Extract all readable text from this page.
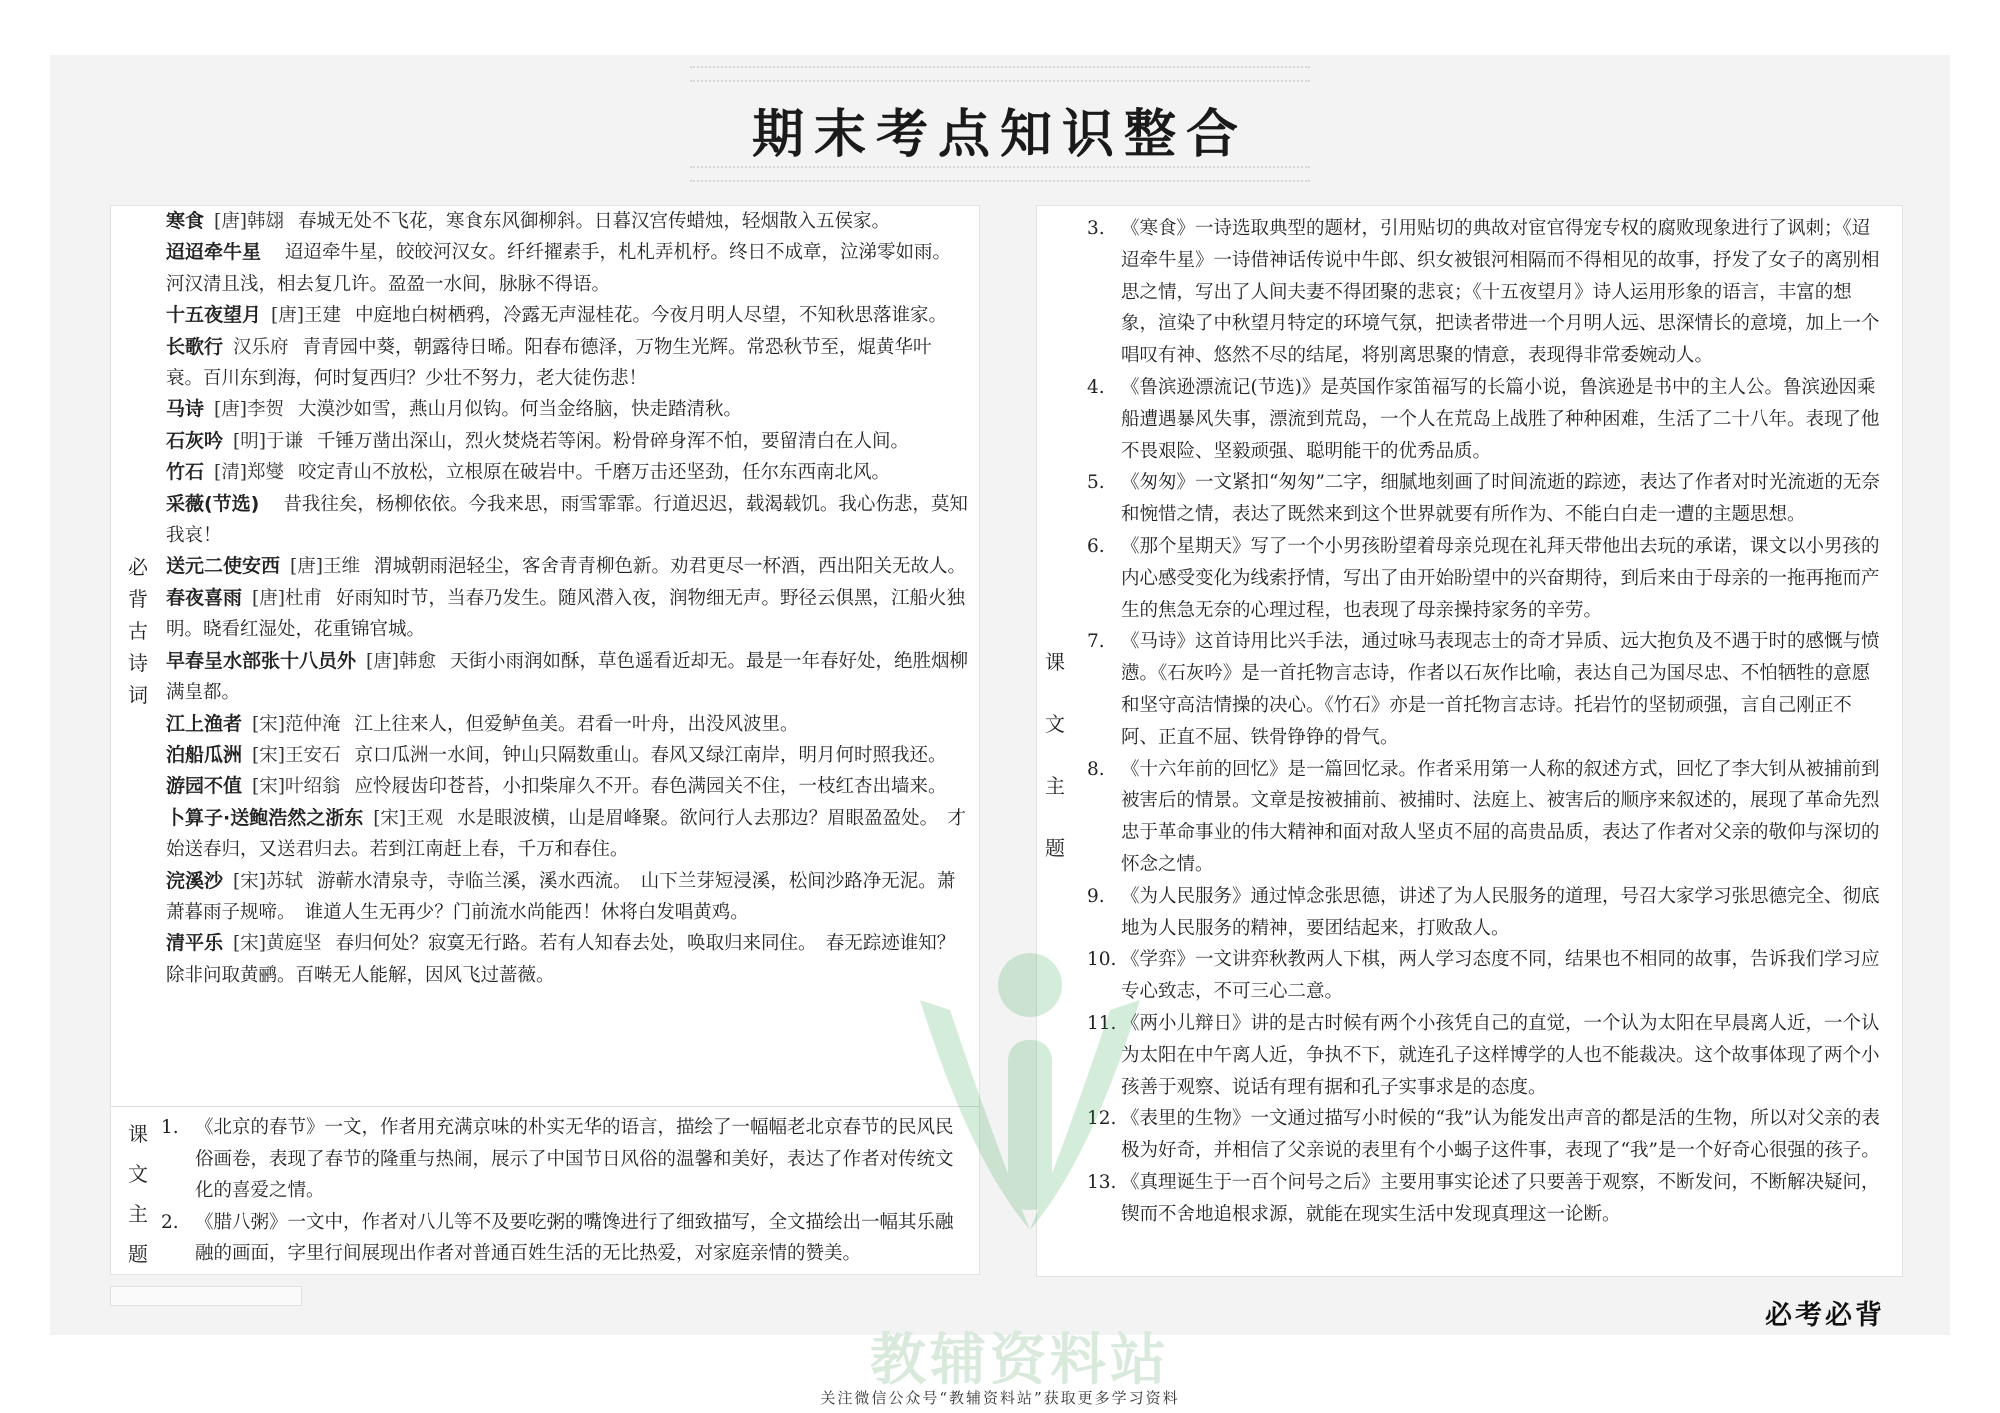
期末考点知识整合
必
背
古
诗
词

寒食 [唐]韩翃 春城无处不飞花，寒食东风御柳斜。日暮汉宫传蜡烛，轻烟散入五侯家。

迢迢牵牛星 迢迢牵牛星，皎皎河汉女。纤纤擢素手，札札弄机杼。终日不成章，泣涕零如雨。河汉清且浅，相去复几许。盈盈一水间，脉脉不得语。

十五夜望月 [唐]王建 中庭地白树栖鸦，冷露无声湿桂花。今夜月明人尽望，不知秋思落谁家。

长歌行 汉乐府 青青园中葵，朝露待日晞。阳春布德泽，万物生光辉。常恐秋节至，焜黄华叶衰。百川东到海，何时复西归？少壮不努力，老大徒伤悲！

马诗 [唐]李贺 大漠沙如雪，燕山月似钩。何当金络脑，快走踏清秋。

石灰吟 [明]于谦 千锤万凿出深山，烈火焚烧若等闲。粉骨碎身浑不怕，要留清白在人间。

竹石 [清]郑燮 咬定青山不放松，立根原在破岩中。千磨万击还坚劲，任尔东西南北风。

采薇(节选) 昔我往矣，杨柳依依。今我来思，雨雪霏霏。行道迟迟，载渴载饥。我心伤悲，莫知我哀！

送元二使安西 [唐]王维 渭城朝雨浥轻尘，客舍青青柳色新。劝君更尽一杯酒，西出阳关无故人。

春夜喜雨 [唐]杜甫 好雨知时节，当春乃发生。随风潜入夜，润物细无声。野径云俱黑，江船火独明。晓看红湿处，花重锦官城。

早春呈水部张十八员外 [唐]韩愈 天街小雨润如酥，草色遥看近却无。最是一年春好处，绝胜烟柳满皇都。

江上渔者 [宋]范仲淹 江上往来人，但爱鲈鱼美。君看一叶舟，出没风波里。

泊船瓜洲 [宋]王安石 京口瓜洲一水间，钟山只隔数重山。春风又绿江南岸，明月何时照我还。

游园不值 [宋]叶绍翁 应怜屐齿印苍苔，小扣柴扉久不开。春色满园关不住，一枝红杏出墙来。

卜算子·送鲍浩然之浙东 [宋]王观 水是眼波横，山是眉峰聚。欲问行人去那边？眉眼盈盈处。　才始送春归，又送君归去。若到江南赶上春，千万和春住。

浣溪沙 [宋]苏轼 游蕲水清泉寺，寺临兰溪，溪水西流。　山下兰芽短浸溪，松间沙路净无泥。萧萧暮雨子规啼。　谁道人生无再少？门前流水尚能西！休将白发唱黄鸡。

清平乐 [宋]黄庭坚 春归何处？寂寞无行路。若有人知春去处，唤取归来同住。　春无踪迹谁知？除非问取黄鹂。百啭无人能解，因风飞过蔷薇。

课
文
主
题

1. 《北京的春节》一文，作者用充满京味的朴实无华的语言，描绘了一幅幅老北京春节的民风民俗画卷，表现了春节的隆重与热闹，展示了中国节日风俗的温馨和美好，表达了作者对传统文化的喜爱之情。

2. 《腊八粥》一文中，作者对八儿等不及要吃粥的嘴馋进行了细致描写，全文描绘出一幅其乐融融的画面，字里行间展现出作者对普通百姓生活的无比热爱，对家庭亲情的赞美。

课
文
主
题

3. 《寒食》一诗选取典型的题材，引用贴切的典故对宦官得宠专权的腐败现象进行了讽刺；《迢迢牵牛星》一诗借神话传说中牛郎、织女被银河相隔而不得相见的故事，抒发了女子的离别相思之情，写出了人间夫妻不得团聚的悲哀；《十五夜望月》诗人运用形象的语言，丰富的想象，渲染了中秋望月特定的环境气氛，把读者带进一个月明人远、思深情长的意境，加上一个唱叹有神、悠然不尽的结尾，将别离思聚的情意，表现得非常委婉动人。

4. 《鲁滨逊漂流记(节选)》是英国作家笛福写的长篇小说，鲁滨逊是书中的主人公。鲁滨逊因乘船遭遇暴风失事，漂流到荒岛，一个人在荒岛上战胜了种种困难，生活了二十八年。表现了他不畏艰险、坚毅顽强、聪明能干的优秀品质。

5. 《匆匆》一文紧扣“匆匆”二字，细腻地刻画了时间流逝的踪迹，表达了作者对时光流逝的无奈和惋惜之情，表达了既然来到这个世界就要有所作为、不能白白走一遭的主题思想。

6. 《那个星期天》写了一个小男孩盼望着母亲兑现在礼拜天带他出去玩的承诺，课文以小男孩的内心感受变化为线索抒情，写出了由开始盼望中的兴奋期待，到后来由于母亲的一拖再拖而产生的焦急无奈的心理过程，也表现了母亲操持家务的辛劳。

7. 《马诗》这首诗用比兴手法，通过咏马表现志士的奇才异质、远大抱负及不遇于时的感慨与愤懑。《石灰吟》是一首托物言志诗，作者以石灰作比喻，表达自己为国尽忠、不怕牺牲的意愿和坚守高洁情操的决心。《竹石》亦是一首托物言志诗。托岩竹的坚韧顽强，言自己刚正不阿、正直不屈、铁骨铮铮的骨气。

8. 《十六年前的回忆》是一篇回忆录。作者采用第一人称的叙述方式，回忆了李大钊从被捕前到被害后的情景。文章是按被捕前、被捕时、法庭上、被害后的顺序来叙述的，展现了革命先烈忠于革命事业的伟大精神和面对敌人坚贞不屈的高贵品质，表达了作者对父亲的敬仰与深切的怀念之情。

9. 《为人民服务》通过悼念张思德，讲述了为人民服务的道理，号召大家学习张思德完全、彻底地为人民服务的精神，要团结起来，打败敌人。

10. 《学弈》一文讲弈秋教两人下棋，两人学习态度不同，结果也不相同的故事，告诉我们学习应专心致志，不可三心二意。

11. 《两小儿辩日》讲的是古时候有两个小孩凭自己的直觉，一个认为太阳在早晨离人近，一个认为太阳在中午离人近，争执不下，就连孔子这样博学的人也不能裁决。这个故事体现了两个小孩善于观察、说话有理有据和孔子实事求是的态度。

12. 《表里的生物》一文通过描写小时候的“我”认为能发出声音的都是活的生物，所以对父亲的表极为好奇，并相信了父亲说的表里有个小蝎子这件事，表现了“我”是一个好奇心很强的孩子。

13. 《真理诞生于一百个问号之后》主要用事实论述了只要善于观察，不断发问，不断解决疑问，锲而不舍地追根求源，就能在现实生活中发现真理这一论断。

教辅资料站
必考必背
关注微信公众号“教辅资料站”获取更多学习资料
